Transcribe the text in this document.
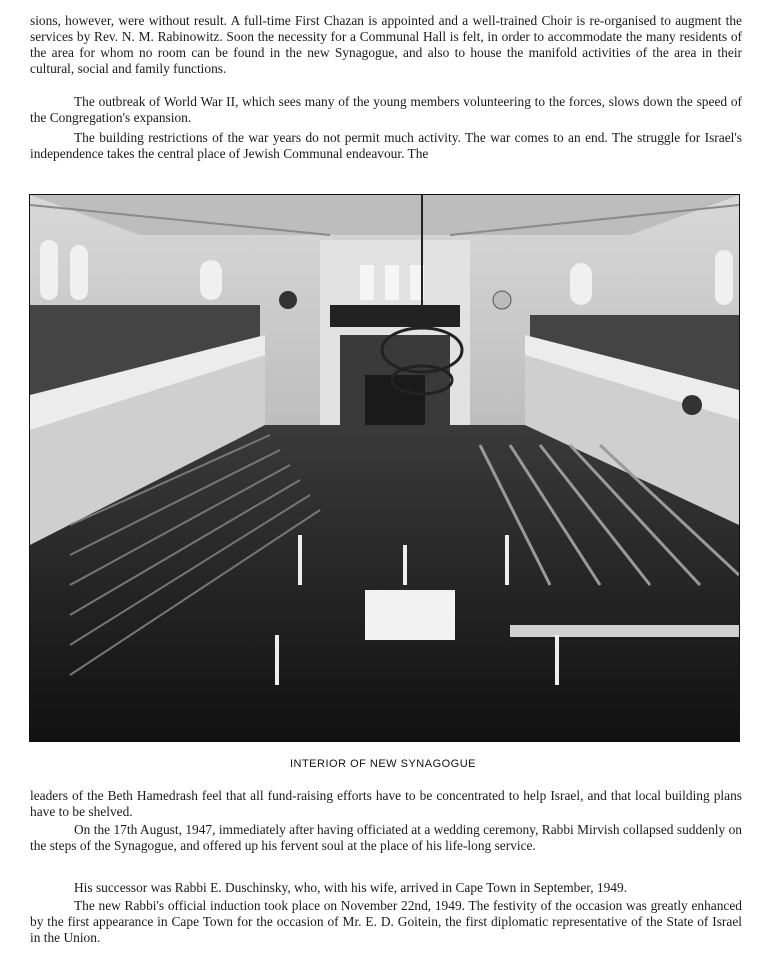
sions, however, were without result. A full-time First Chazan is appointed and a well-trained Choir is re-organised to augment the services by Rev. N. M. Rabinowitz. Soon the necessity for a Communal Hall is felt, in order to accommodate the many residents of the area for whom no room can be found in the new Synagogue, and also to house the manifold activities of the area in their cultural, social and family functions.

The outbreak of World War II, which sees many of the young members volunteering to the forces, slows down the speed of the Congregation's expansion.

The building restrictions of the war years do not permit much activity. The war comes to an end. The struggle for Israel's independence takes the central place of Jewish Communal endeavour. The

INTERIOR OF NEW SYNAGOGUE

leaders of the Beth Hamedrash feel that all fund-raising efforts have to be concentrated to help Israel, and that local building plans have to be shelved.

On the 17th August, 1947, immediately after having officiated at a wedding ceremony, Rabbi Mirvish collapsed suddenly on the steps of the Synagogue, and offered up his fervent soul at the place of his life-long service.

His successor was Rabbi E. Duschinsky, who, with his wife, arrived in Cape Town in September, 1949.

The new Rabbi's official induction took place on November 22nd, 1949. The festivity of the occasion was greatly enhanced by the first appearance in Cape Town for the occasion of Mr. E. D. Goitein, the first diplomatic representative of the State of Israel in the Union.
